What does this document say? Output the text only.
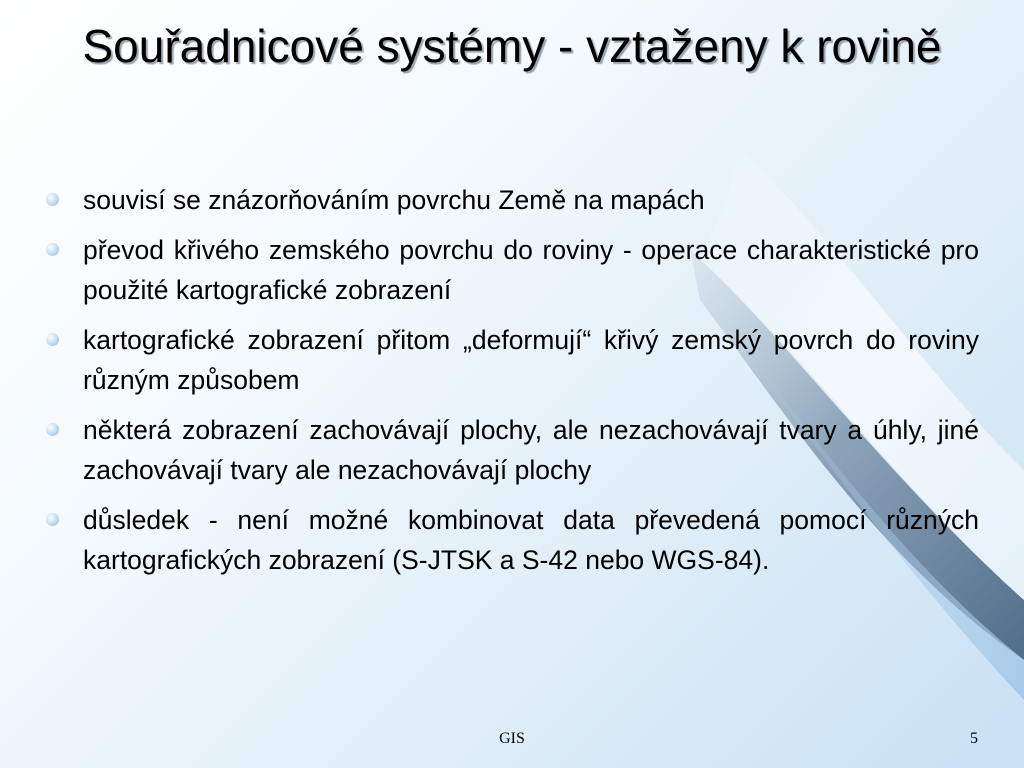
Souřadnicové systémy - vztaženy k rovině
souvisí se znázorňováním povrchu Země na mapách
převod křivého zemského povrchu do roviny - operace charakteristické pro použité kartografické zobrazení
kartografické zobrazení přitom „deformují“ křivý zemský povrch do roviny různým způsobem
některá zobrazení zachovávají plochy, ale nezachovávají tvary a úhly, jiné zachovávají tvary ale nezachovávají plochy
důsledek - není možné kombinovat data převedená pomocí různých kartografických zobrazení (S-JTSK a S-42 nebo WGS-84).
GIS	5
